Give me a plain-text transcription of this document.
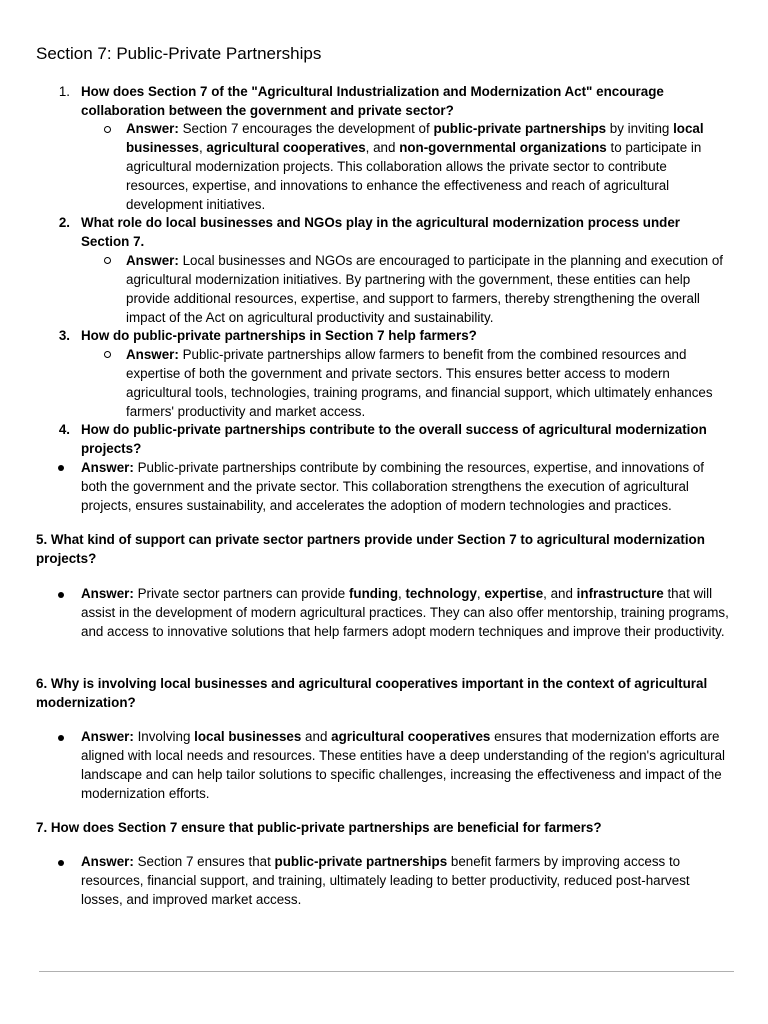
Section 7: Public-Private Partnerships
1. How does Section 7 of the "Agricultural Industrialization and Modernization Act" encourage collaboration between the government and private sector?
Answer: Section 7 encourages the development of public-private partnerships by inviting local businesses, agricultural cooperatives, and non-governmental organizations to participate in agricultural modernization projects. This collaboration allows the private sector to contribute resources, expertise, and innovations to enhance the effectiveness and reach of agricultural development initiatives.
2. What role do local businesses and NGOs play in the agricultural modernization process under Section 7.
Answer: Local businesses and NGOs are encouraged to participate in the planning and execution of agricultural modernization initiatives. By partnering with the government, these entities can help provide additional resources, expertise, and support to farmers, thereby strengthening the overall impact of the Act on agricultural productivity and sustainability.
3. How do public-private partnerships in Section 7 help farmers?
Answer: Public-private partnerships allow farmers to benefit from the combined resources and expertise of both the government and private sectors. This ensures better access to modern agricultural tools, technologies, training programs, and financial support, which ultimately enhances farmers' productivity and market access.
4. How do public-private partnerships contribute to the overall success of agricultural modernization projects?
Answer: Public-private partnerships contribute by combining the resources, expertise, and innovations of both the government and the private sector. This collaboration strengthens the execution of agricultural projects, ensures sustainability, and accelerates the adoption of modern technologies and practices.
5. What kind of support can private sector partners provide under Section 7 to agricultural modernization projects?
Answer: Private sector partners can provide funding, technology, expertise, and infrastructure that will assist in the development of modern agricultural practices. They can also offer mentorship, training programs, and access to innovative solutions that help farmers adopt modern techniques and improve their productivity.
6. Why is involving local businesses and agricultural cooperatives important in the context of agricultural modernization?
Answer: Involving local businesses and agricultural cooperatives ensures that modernization efforts are aligned with local needs and resources. These entities have a deep understanding of the region's agricultural landscape and can help tailor solutions to specific challenges, increasing the effectiveness and impact of the modernization efforts.
7. How does Section 7 ensure that public-private partnerships are beneficial for farmers?
Answer: Section 7 ensures that public-private partnerships benefit farmers by improving access to resources, financial support, and training, ultimately leading to better productivity, reduced post-harvest losses, and improved market access.
